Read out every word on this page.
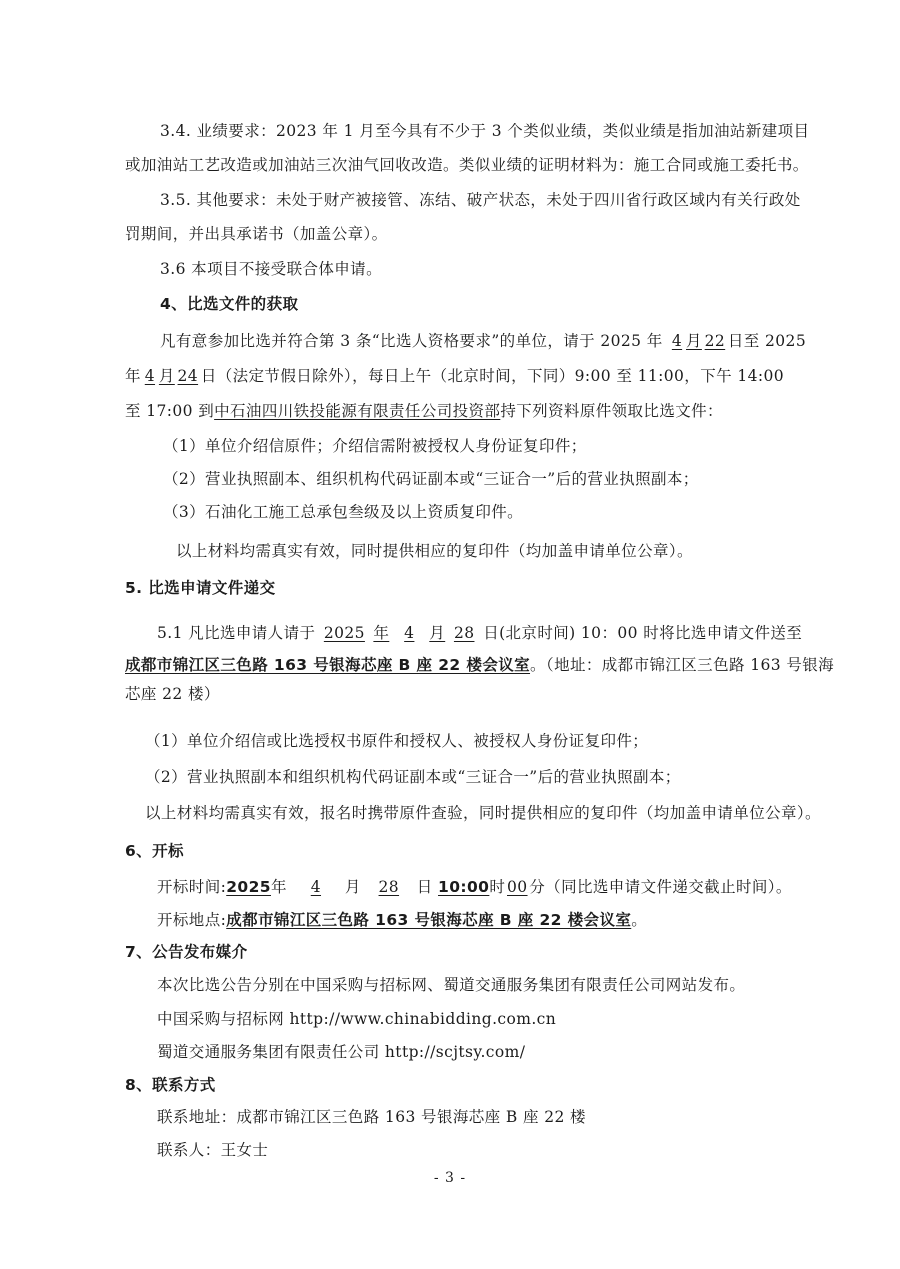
3.4. 业绩要求：2023 年 1 月至今具有不少于 3 个类似业绩，类似业绩是指加油站新建项目
或加油站工艺改造或加油站三次油气回收改造。类似业绩的证明材料为：施工合同或施工委托书。
3.5. 其他要求：未处于财产被接管、冻结、破产状态，未处于四川省行政区域内有关行政处
罚期间，并出具承诺书（加盖公章）。
3.6 本项目不接受联合体申请。
4、比选文件的获取
凡有意参加比选并符合第 3 条“比选人资格要求”的单位，请于 2025 年 4 月 22 日至 2025
年 4 月 24 日（法定节假日除外），每日上午（北京时间，下同）9:00 至 11:00，下午 14:00
至 17:00 到中石油四川铁投能源有限责任公司投资部持下列资料原件领取比选文件：
（1）单位介绍信原件；介绍信需附被授权人身份证复印件；
（2）营业执照副本、组织机构代码证副本或“三证合一”后的营业执照副本；
（3）石油化工施工总承包叁级及以上资质复印件。
以上材料均需真实有效，同时提供相应的复印件（均加盖申请单位公章）。
5. 比选申请文件递交
5.1 凡比选申请人请于 2025 年 4 月 28 日(北京时间) 10：00 时将比选申请文件送至
成都市锦江区三色路 163 号银海芯座 B 座 22 楼会议室。（地址：成都市锦江区三色路 163 号银海
芯座 22 楼）
（1）单位介绍信或比选授权书原件和授权人、被授权人身份证复印件；
（2）营业执照副本和组织机构代码证副本或“三证合一”后的营业执照副本；
以上材料均需真实有效，报名时携带原件查验，同时提供相应的复印件（均加盖申请单位公章）。
6、开标
开标时间:2025年 4 月 28 日 10:00时 00 分（同比选申请文件递交截止时间）。
开标地点:成都市锦江区三色路 163 号银海芯座 B 座 22 楼会议室。
7、公告发布媒介
本次比选公告分别在中国采购与招标网、蜀道交通服务集团有限责任公司网站发布。
中国采购与招标网 http://www.chinabidding.com.cn
蜀道交通服务集团有限责任公司 http://scjtsy.com/
8、联系方式
联系地址：成都市锦江区三色路 163 号银海芯座 B 座 22 楼
联系人：王女士
- 3 -
